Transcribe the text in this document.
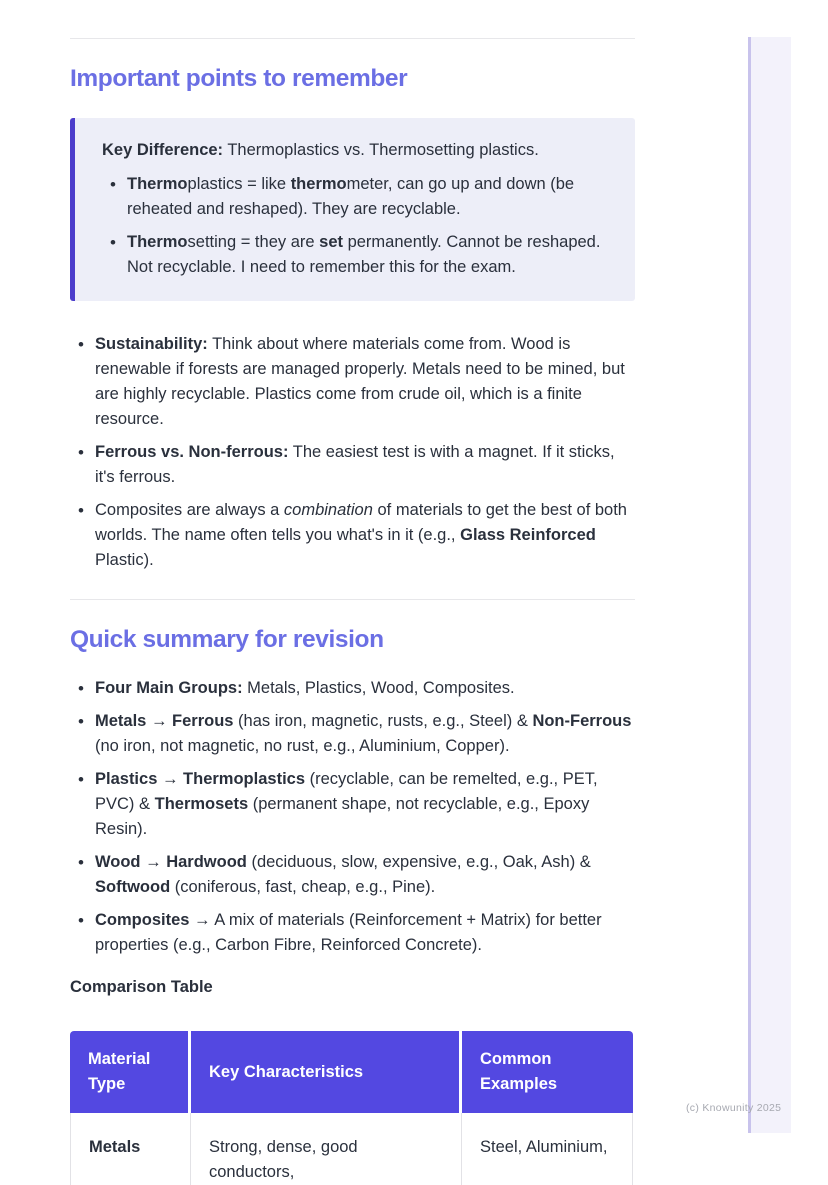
Important points to remember

Key Difference: Thermoplastics vs. Thermosetting plastics.

• Thermoplastics = like thermometer, can go up and down (be reheated and reshaped). They are recyclable.
• Thermosetting = they are set permanently. Cannot be reshaped. Not recyclable. I need to remember this for the exam.
• Sustainability: Think about where materials come from. Wood is renewable if forests are managed properly. Metals need to be mined, but are highly recyclable. Plastics come from crude oil, which is a finite resource.
• Ferrous vs. Non-ferrous: The easiest test is with a magnet. If it sticks, it's ferrous.
• Composites are always a combination of materials to get the best of both worlds. The name often tells you what's in it (e.g., Glass Reinforced Plastic).
Quick summary for revision
• Four Main Groups: Metals, Plastics, Wood, Composites.
• Metals → Ferrous (has iron, magnetic, rusts, e.g., Steel) & Non-Ferrous (no iron, not magnetic, no rust, e.g., Aluminium, Copper).
• Plastics → Thermoplastics (recyclable, can be remelted, e.g., PET, PVC) & Thermosets (permanent shape, not recyclable, e.g., Epoxy Resin).
• Wood → Hardwood (deciduous, slow, expensive, e.g., Oak, Ash) & Softwood (coniferous, fast, cheap, e.g., Pine).
• Composites → A mix of materials (Reinforcement + Matrix) for better properties (e.g., Carbon Fibre, Reinforced Concrete).

Comparison Table

Material Type	Key Characteristics	Common Examples
Metals	Strong, dense, good conductors,	Steel, Aluminium,
(c) Knowunity 2025
